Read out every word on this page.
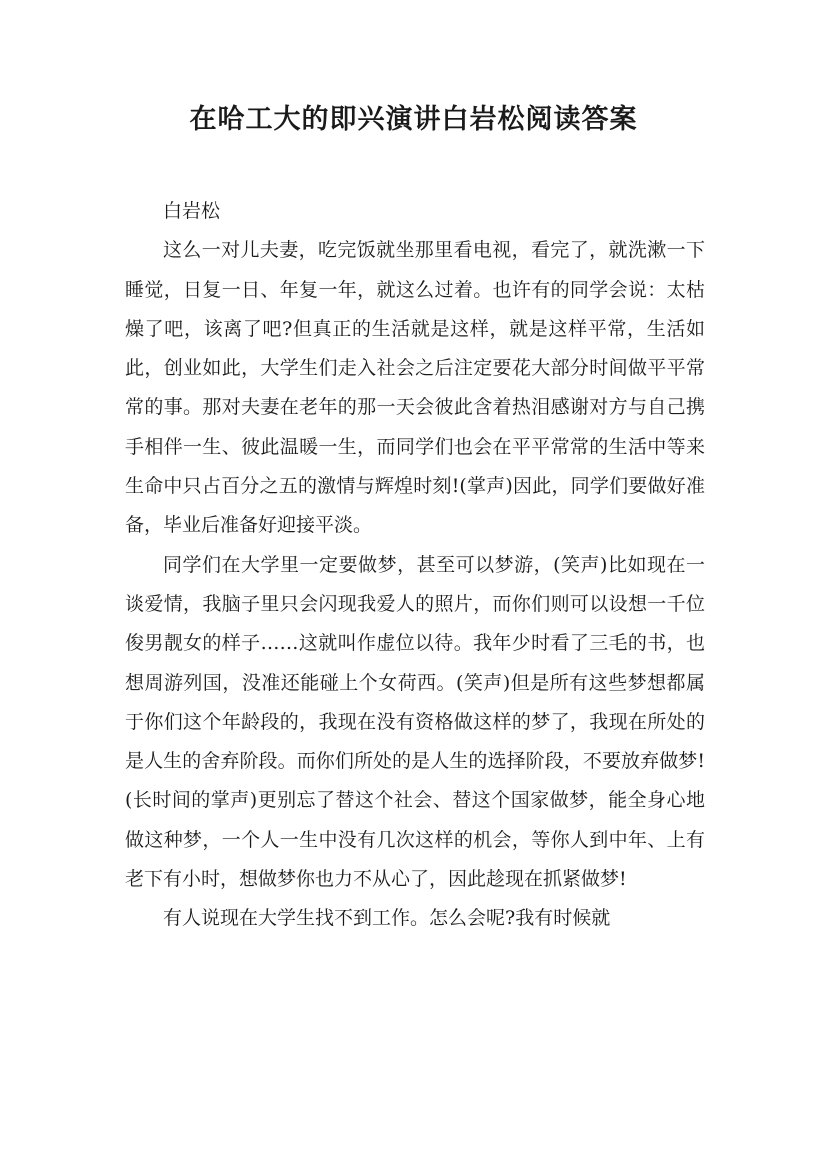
在哈工大的即兴演讲白岩松阅读答案

白岩松

这么一对儿夫妻，吃完饭就坐那里看电视，看完了，就洗漱一下睡觉，日复一日、年复一年，就这么过着。也许有的同学会说：太枯燥了吧，该离了吧?但真正的生活就是这样，就是这样平常，生活如此，创业如此，大学生们走入社会之后注定要花大部分时间做平平常常的事。那对夫妻在老年的那一天会彼此含着热泪感谢对方与自己携手相伴一生、彼此温暖一生，而同学们也会在平平常常的生活中等来生命中只占百分之五的激情与辉煌时刻!(掌声)因此，同学们要做好准备，毕业后准备好迎接平淡。

同学们在大学里一定要做梦，甚至可以梦游，(笑声)比如现在一谈爱情，我脑子里只会闪现我爱人的照片，而你们则可以设想一千位俊男靓女的样子……这就叫作虚位以待。我年少时看了三毛的书，也想周游列国，没准还能碰上个女荷西。(笑声)但是所有这些梦想都属于你们这个年龄段的，我现在没有资格做这样的梦了，我现在所处的是人生的舍弃阶段。而你们所处的是人生的选择阶段，不要放弃做梦!(长时间的掌声)更别忘了替这个社会、替这个国家做梦，能全身心地做这种梦，一个人一生中没有几次这样的机会，等你人到中年、上有老下有小时，想做梦你也力不从心了，因此趁现在抓紧做梦!

有人说现在大学生找不到工作。怎么会呢?我有时候就
